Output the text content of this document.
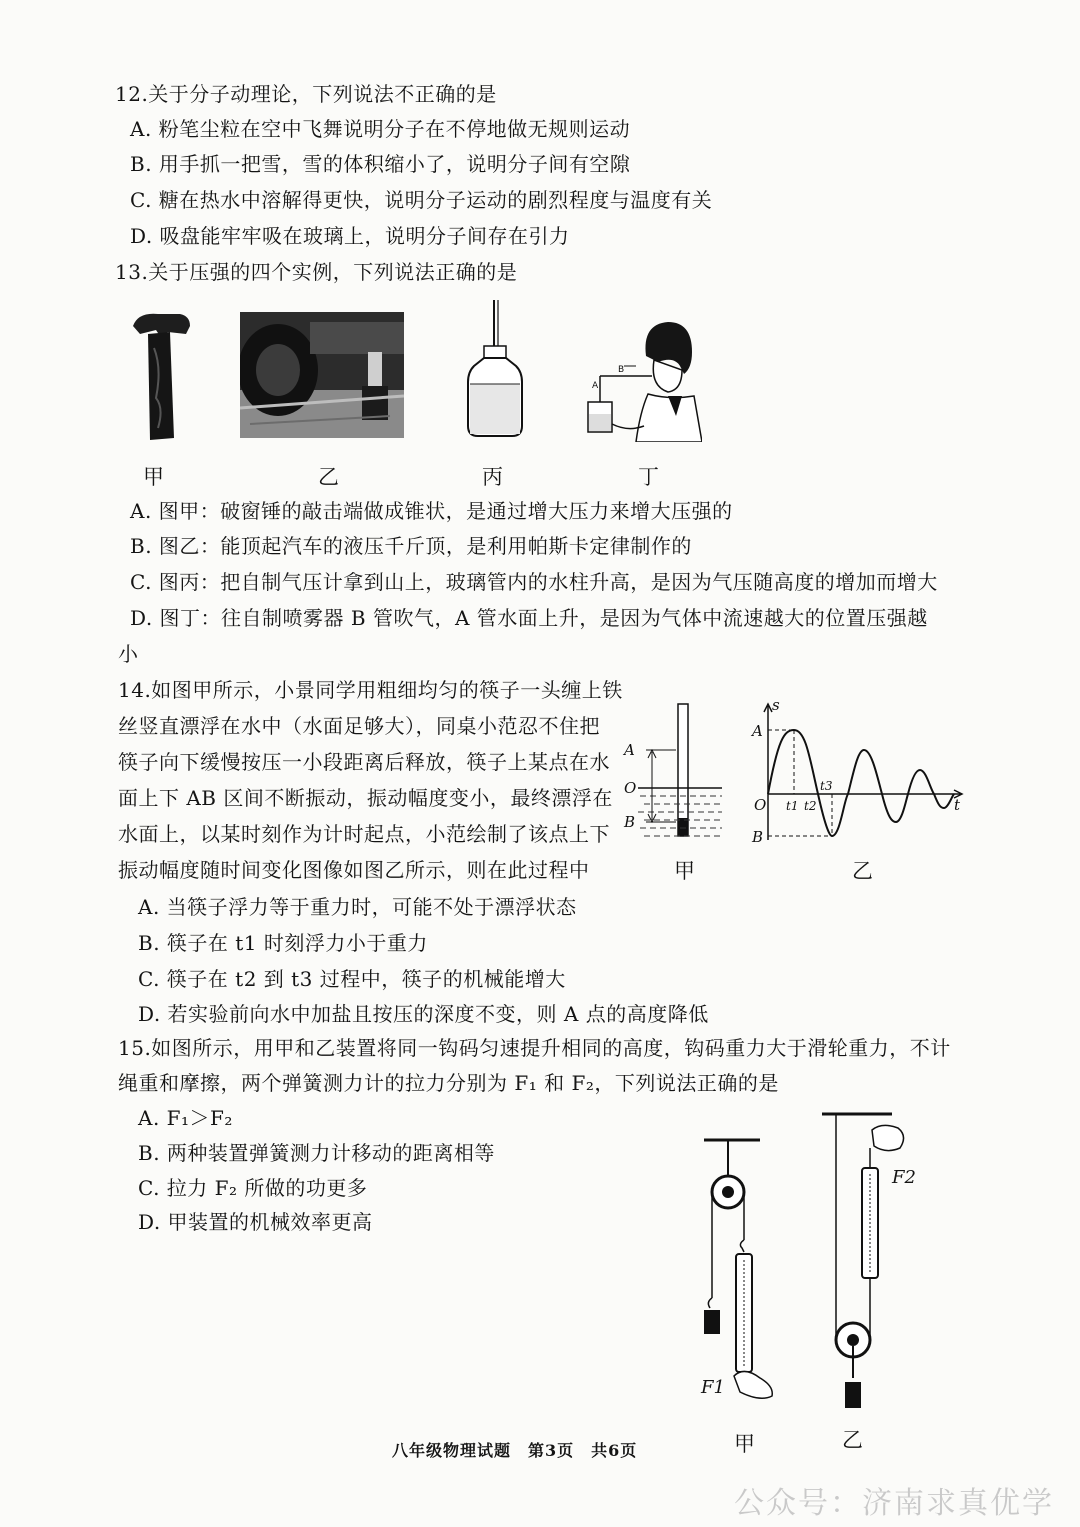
12.关于分子动理论，下列说法不正确的是
A. 粉笔尘粒在空中飞舞说明分子在不停地做无规则运动
B. 用手抓一把雪，雪的体积缩小了，说明分子间有空隙
C. 糖在热水中溶解得更快，说明分子运动的剧烈程度与温度有关
D. 吸盘能牢牢吸在玻璃上，说明分子间存在引力
13.关于压强的四个实例，下列说法正确的是
A
B
甲	乙	丙	丁
A. 图甲：破窗锤的敲击端做成锥状，是通过增大压力来增大压强的
B. 图乙：能顶起汽车的液压千斤顶，是利用帕斯卡定律制作的
C. 图丙：把自制气压计拿到山上，玻璃管内的水柱升高，是因为气压随高度的增加而增大
D. 图丁：往自制喷雾器 B 管吹气，A 管水面上升，是因为气体中流速越大的位置压强越
小
14.如图甲所示，小景同学用粗细均匀的筷子一头缠上铁
丝竖直漂浮在水中（水面足够大），同桌小范忍不住把
筷子向下缓慢按压一小段距离后释放，筷子上某点在水
面上下 AB 区间不断振动，振动幅度变小，最终漂浮在
水面上，以某时刻作为计时起点，小范绘制了该点上下
振动幅度随时间变化图像如图乙所示，则在此过程中
A
O
B
s
t
O
A
B
t1 t2
t3
甲	乙
A. 当筷子浮力等于重力时，可能不处于漂浮状态
B. 筷子在 t1 时刻浮力小于重力
C. 筷子在 t2 到 t3 过程中，筷子的机械能增大
D. 若实验前向水中加盐且按压的深度不变，则 A 点的高度降低
15.如图所示，用甲和乙装置将同一钩码匀速提升相同的高度，钩码重力大于滑轮重力，不计
绳重和摩擦，两个弹簧测力计的拉力分别为 F₁ 和 F₂，下列说法正确的是
A. F₁＞F₂
B. 两种装置弹簧测力计移动的距离相等
C. 拉力 F₂ 所做的功更多
D. 甲装置的机械效率更高
F1
F2
甲	乙
八年级物理试题　第3页　共6页
公众号：济南求真优学
